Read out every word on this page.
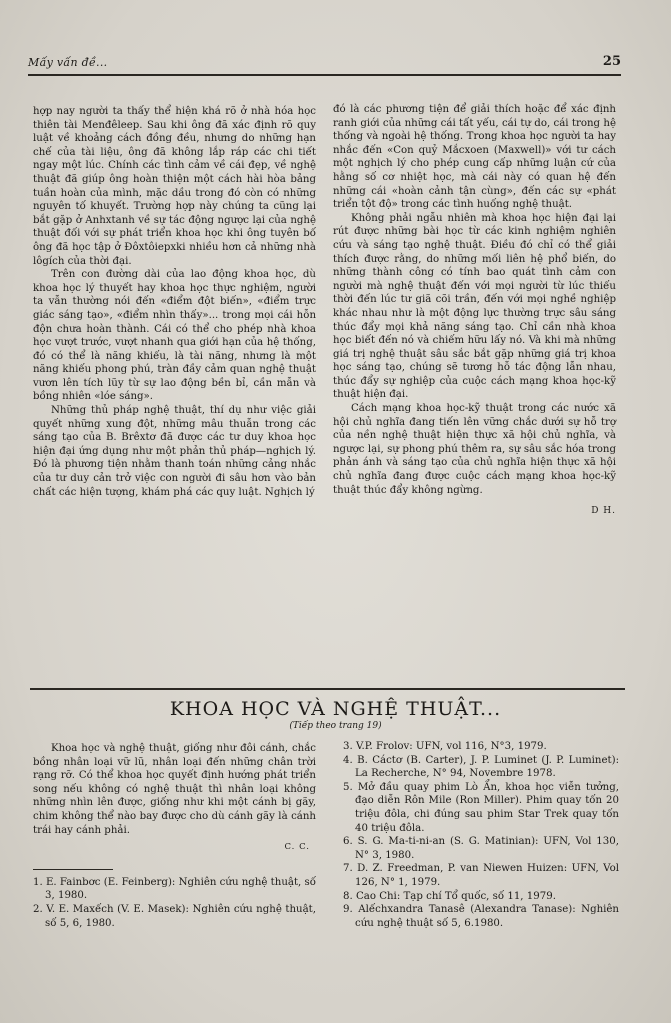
Mấy vấn đề...	25

hợp nay người ta thấy thể hiện khá rõ ở nhà hóa học thiên tài Menđêleep. Sau khi ông đã xác định rõ quy luật về khoảng cách đồng đều, nhưng do những hạn chế của tài liệu, ông đã không lắp ráp các chi tiết ngay một lúc. Chính các tình cảm về cái đẹp, về nghệ thuật đã giúp ông hoàn thiện một cách hài hòa bảng tuần hoàn của mình, mặc dầu trong đó còn có những nguyên tố khuyết. Trường hợp này chúng ta cũng lại bắt gặp ở Anhxtanh về sự tác động ngược lại của nghệ thuật đối với sự phát triển khoa học khi ông tuyên bố ông đã học tập ở Đôxtôiepxki nhiều hơn cả những nhà lôgích của thời đại.

Trên con đường dài của lao động khoa học, dù khoa học lý thuyết hay khoa học thực nghiệm, người ta vẫn thường nói đến «điểm đột biến», «điểm trực giác sáng tạo», «điểm nhìn thấy»... trong mọi cái hỗn độn chưa hoàn thành. Cái có thể cho phép nhà khoa học vượt trước, vượt nhanh qua giới hạn của hệ thống, đó có thể là năng khiếu, là tài năng, nhưng là một năng khiếu phong phú, tràn đầy cảm quan nghệ thuật vươn lên tích lũy từ sự lao động bền bỉ, cần mẫn và bồng nhiên «lóe sáng».

Những thủ pháp nghệ thuật, thí dụ như việc giải quyết những xung đột, những mâu thuẫn trong các sáng tạo của B. Brêxtơ đã được các tư duy khoa học hiện đại ứng dụng như một phản thủ pháp—nghịch lý. Đó là phương tiện nhằm thanh toán những cảng nhắc của tư duy cản trở việc con người đi sâu hơn vào bản chất các hiện tượng, khám phá các quy luật. Nghịch lý

đó là các phương tiện để giải thích hoặc để xác định ranh giới của những cái tất yếu, cái tự do, cái trong hệ thống và ngoài hệ thống. Trong khoa học người ta hay nhắc đến «Con quỷ Mắcxoen (Maxwell)» với tư cách một nghịch lý cho phép cung cấp những luận cứ của hằng số cơ nhiệt học, mà cái này có quan hệ đến những cái «hoàn cảnh tận cùng», đến các sự «phát triển tột độ» trong các tình huống nghệ thuật.

Không phải ngẫu nhiên mà khoa học hiện đại lại rút được những bài học từ các kinh nghiệm nghiên cứu và sáng tạo nghệ thuật. Điều đó chỉ có thể giải thích được rằng, do những mối liên hệ phổ biến, do những thành công có tính bao quát tình cảm con người mà nghệ thuật đến với mọi người từ lúc thiếu thời đến lúc tư giã cõi trần, đến với mọi nghề nghiệp khác nhau như là một động lực thường trực sâu sáng thúc đẩy mọi khả năng sáng tạo. Chỉ cần nhà khoa học biết đến nó và chiếm hữu lấy nó. Và khi mà những giá trị nghệ thuật sâu sắc bắt gặp những giá trị khoa học sáng tạo, chúng sẽ tương hỗ tác động lẫn nhau, thúc đẩy sự nghiệp của cuộc cách mạng khoa học-kỹ thuật hiện đại.

Cách mạng khoa học-kỹ thuật trong các nước xã hội chủ nghĩa đang tiến lên vững chắc dưới sự hỗ trợ của nền nghệ thuật hiện thực xã hội chủ nghĩa, và ngược lại, sự phong phú thêm ra, sự sâu sắc hóa trong phản ánh và sáng tạo của chủ nghĩa hiện thực xã hội chủ nghĩa đang được cuộc cách mạng khoa học-kỹ thuật thúc đẩy không ngừng.

D H.
KHOA HỌC VÀ NGHỆ THUẬT...
(Tiếp theo trang 19)

Khoa học và nghệ thuật, giống như đôi cánh, chắc bồng nhân loại vữ lũ, nhân loại đến những chân trời rạng rỡ. Có thể khoa học quyết định hướng phát triển song nếu không có nghệ thuật thì nhân loại không những nhìn lên được, giống như khi một cánh bị gãy, chim không thể nào bay được cho dù cánh gãy là cánh trái hay cánh phải.

C. C.
1. E. Fainbơc (E. Feinberg): Nghiên cứu nghệ thuật, số 3, 1980.
2. V. E. Maxếch (V. E. Masek): Nghiên cứu nghệ thuật, số 5, 6, 1980.
3. V.P. Frolov: UFN, vol 116, N°3, 1979.
4. B. Cáctơ (B. Carter), J. P. Luminet (J. P. Luminet): La Recherche, N° 94, Novembre 1978.
5. Mở đầu quay phim Lò Ẩn, khoa học viễn tưởng, đạo diễn Rôn Mile (Ron Miller). Phim quay tốn 20 triệu đôla, chi đúng sau phim Star Trek quay tốn 40 triệu đôla.
6. S. G. Ma-ti-ni-an (S. G. Matinian): UFN, Vol 130, N° 3, 1980.
7. D. Z. Freedman, P. van Niewen Huizen: UFN, Vol 126, N° 1, 1979.
8. Cao Chi: Tạp chí Tổ quốc, số 11, 1979.
9. Alếchxandra Tanasê (Alexandra Tanase): Nghiên cứu nghệ thuật số 5, 6.1980.
